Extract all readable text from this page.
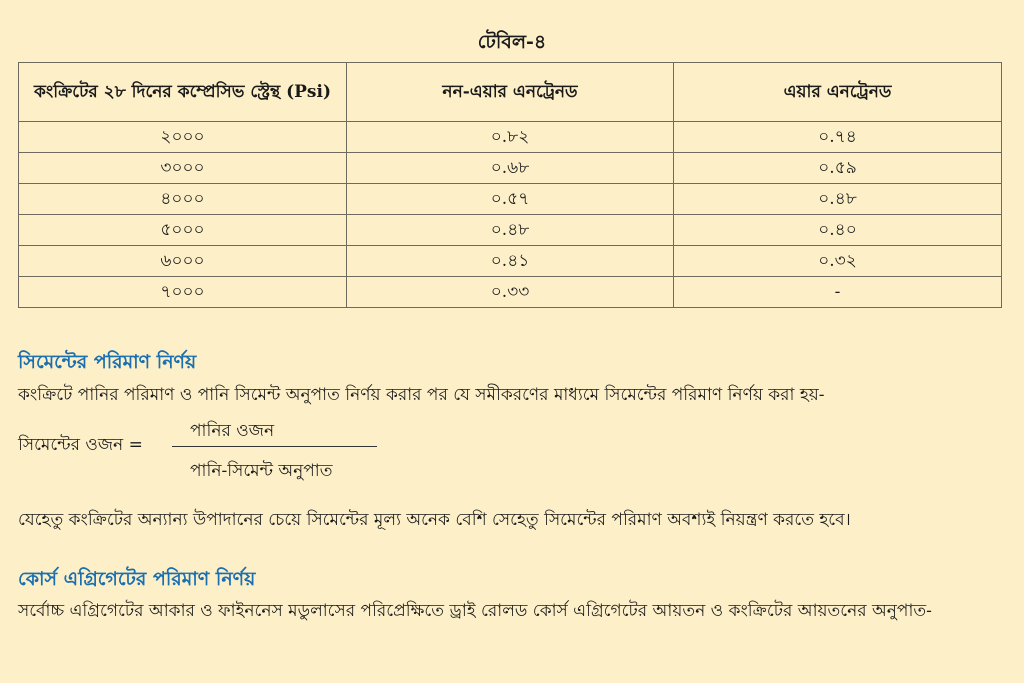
টেবিল-৪
কংক্রিটের ২৮ দিনের কম্প্রেসিভ স্ট্রেন্থ (Psi)	নন-এয়ার এনট্রেনড	এয়ার এনট্রেনড
২০০০	০.৮২	০.৭৪
৩০০০	০.৬৮	০.৫৯
৪০০০	০.৫৭	০.৪৮
৫০০০	০.৪৮	০.৪০
৬০০০	০.৪১	০.৩২
৭০০০	০.৩৩	-
সিমেন্টের পরিমাণ নির্ণয়
কংক্রিটে পানির পরিমাণ ও পানি সিমেন্ট অনুপাত নির্ণয় করার পর যে সমীকরণের মাধ্যমে সিমেন্টের পরিমাণ নির্ণয় করা হয়-
সিমেন্টের ওজন =
পানির ওজন
পানি-সিমেন্ট অনুপাত
যেহেতু কংক্রিটের অন্যান্য উপাদানের চেয়ে সিমেন্টের মূল্য অনেক বেশি সেহেতু সিমেন্টের পরিমাণ অবশ্যই নিয়ন্ত্রণ করতে হবে।
কোর্স এগ্রিগেটের পরিমাণ নির্ণয়
সর্বোচ্চ এগ্রিগেটের আকার ও ফাইননেস মডুলাসের পরিপ্রেক্ষিতে ড্রাই রোলড কোর্স এগ্রিগেটের আয়তন ও কংক্রিটের আয়তনের অনুপাত-
